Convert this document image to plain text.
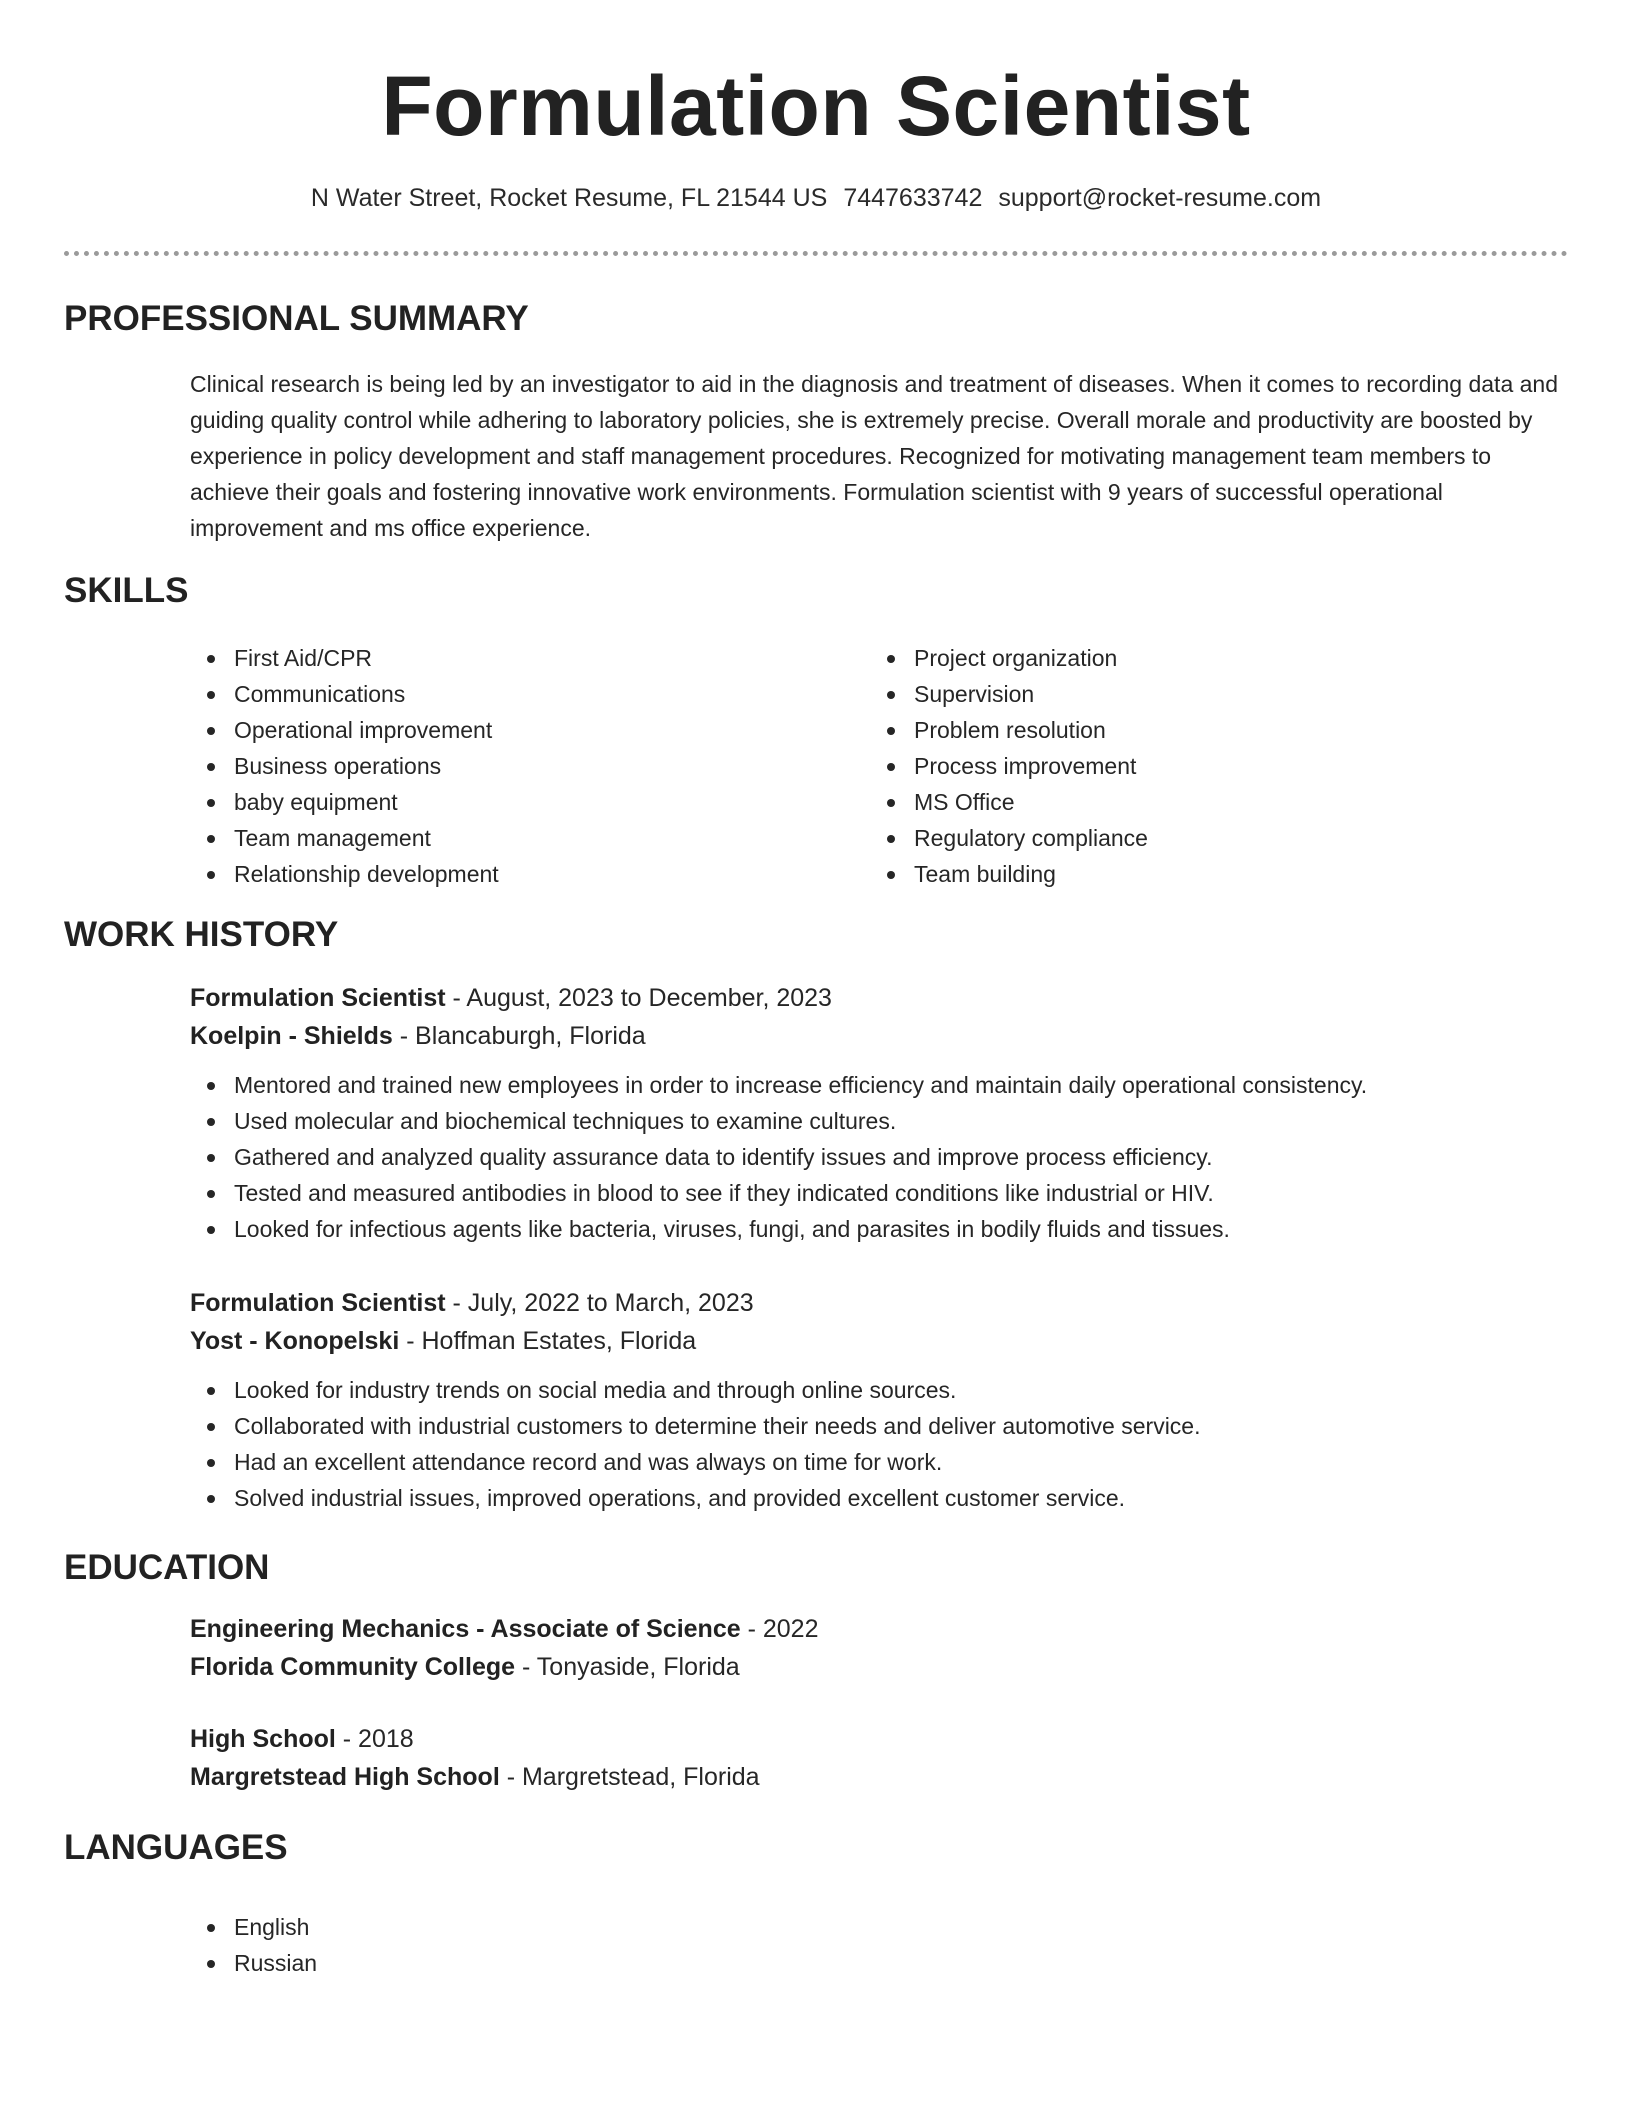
Formulation Scientist
N Water Street, Rocket Resume, FL 21544 US 7447633742 support@rocket-resume.com
PROFESSIONAL SUMMARY

Clinical research is being led by an investigator to aid in the diagnosis and treatment of diseases. When it comes to recording data and guiding quality control while adhering to laboratory policies, she is extremely precise. Overall morale and productivity are boosted by experience in policy development and staff management procedures. Recognized for motivating management team members to achieve their goals and fostering innovative work environments. Formulation scientist with 9 years of successful operational improvement and ms office experience.

SKILLS
First Aid/CPR
Communications
Operational improvement
Business operations
baby equipment
Team management
Relationship development
Project organization
Supervision
Problem resolution
Process improvement
MS Office
Regulatory compliance
Team building
WORK HISTORY
Formulation Scientist - August, 2023 to December, 2023
Koelpin - Shields - Blancaburgh, Florida
Mentored and trained new employees in order to increase efficiency and maintain daily operational consistency.
Used molecular and biochemical techniques to examine cultures.
Gathered and analyzed quality assurance data to identify issues and improve process efficiency.
Tested and measured antibodies in blood to see if they indicated conditions like industrial or HIV.
Looked for infectious agents like bacteria, viruses, fungi, and parasites in bodily fluids and tissues.
Formulation Scientist - July, 2022 to March, 2023
Yost - Konopelski - Hoffman Estates, Florida
Looked for industry trends on social media and through online sources.
Collaborated with industrial customers to determine their needs and deliver automotive service.
Had an excellent attendance record and was always on time for work.
Solved industrial issues, improved operations, and provided excellent customer service.
EDUCATION
Engineering Mechanics - Associate of Science - 2022
Florida Community College - Tonyaside, Florida
High School - 2018
Margretstead High School - Margretstead, Florida
LANGUAGES
English
Russian
